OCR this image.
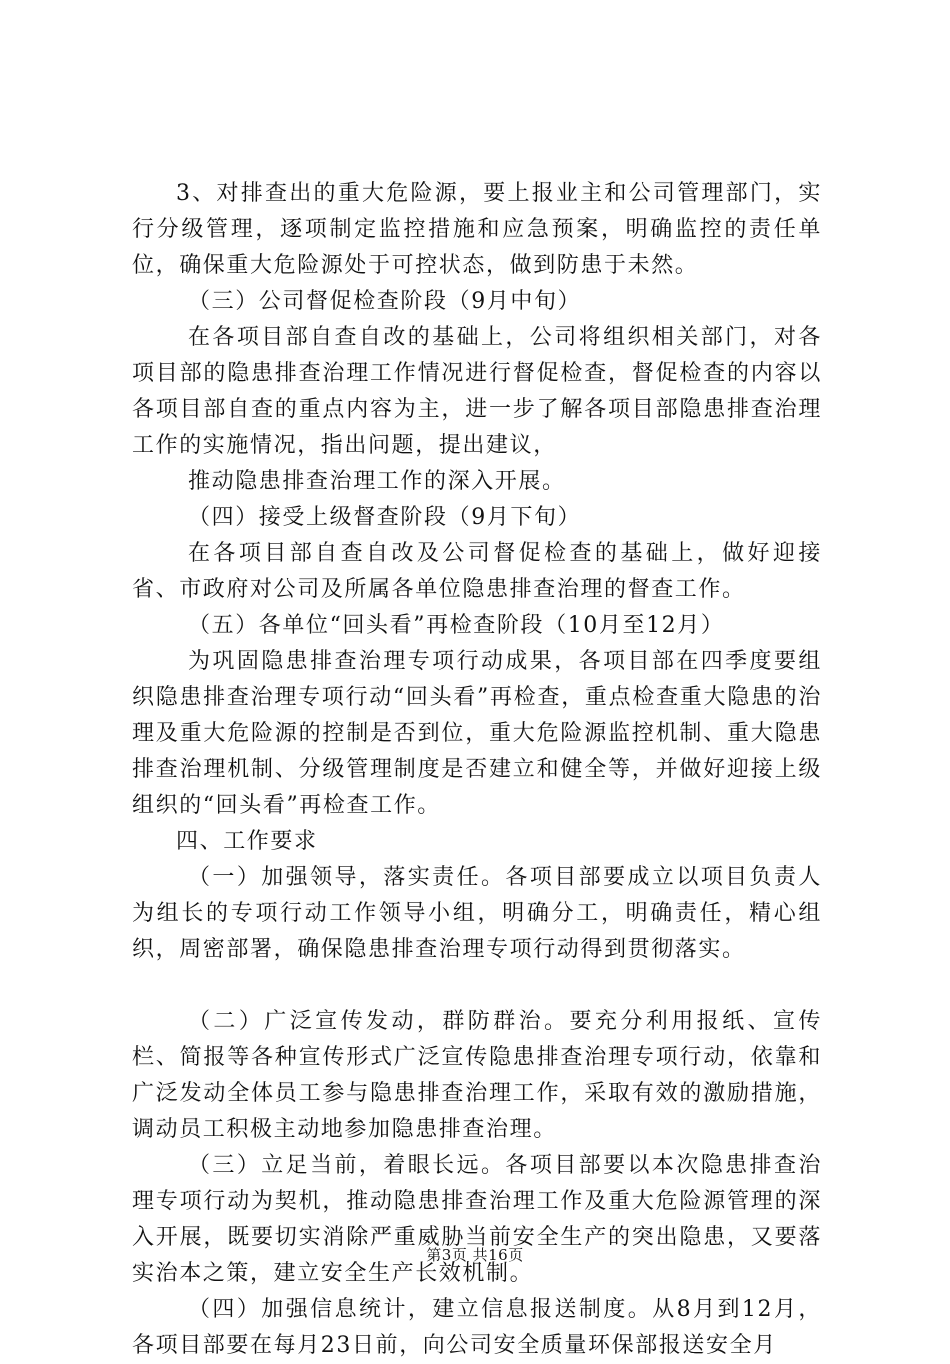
3、对排查出的重大危险源，要上报业主和公司管理部门，实行分级管理，逐项制定监控措施和应急预案，明确监控的责任单位，确保重大危险源处于可控状态，做到防患于未然。

（三）公司督促检查阶段（9月中旬）

在各项目部自查自改的基础上，公司将组织相关部门，对各项目部的隐患排查治理工作情况进行督促检查，督促检查的内容以各项目部自查的重点内容为主，进一步了解各项目部隐患排查治理工作的实施情况，指出问题，提出建议，

推动隐患排查治理工作的深入开展。

（四）接受上级督查阶段（9月下旬）

在各项目部自查自改及公司督促检查的基础上，做好迎接省、市政府对公司及所属各单位隐患排查治理的督查工作。

（五）各单位“回头看”再检查阶段（10月至12月）

为巩固隐患排查治理专项行动成果，各项目部在四季度要组织隐患排查治理专项行动“回头看”再检查，重点检查重大隐患的治理及重大危险源的控制是否到位，重大危险源监控机制、重大隐患排查治理机制、分级管理制度是否建立和健全等，并做好迎接上级组织的“回头看”再检查工作。

四、工作要求

（一）加强领导，落实责任。各项目部要成立以项目负责人为组长的专项行动工作领导小组，明确分工，明确责任，精心组织，周密部署，确保隐患排查治理专项行动得到贯彻落实。

（二）广泛宣传发动，群防群治。要充分利用报纸、宣传栏、简报等各种宣传形式广泛宣传隐患排查治理专项行动，依靠和广泛发动全体员工参与隐患排查治理工作，采取有效的激励措施，调动员工积极主动地参加隐患排查治理。

（三）立足当前，着眼长远。各项目部要以本次隐患排查治理专项行动为契机，推动隐患排查治理工作及重大危险源管理的深入开展，既要切实消除严重威胁当前安全生产的突出隐患，又要落实治本之策，建立安全生产长效机制。

（四）加强信息统计，建立信息报送制度。从8月到12月，各项目部要在每月23日前，向公司安全质量环保部报送安全月

第3页 共16页
